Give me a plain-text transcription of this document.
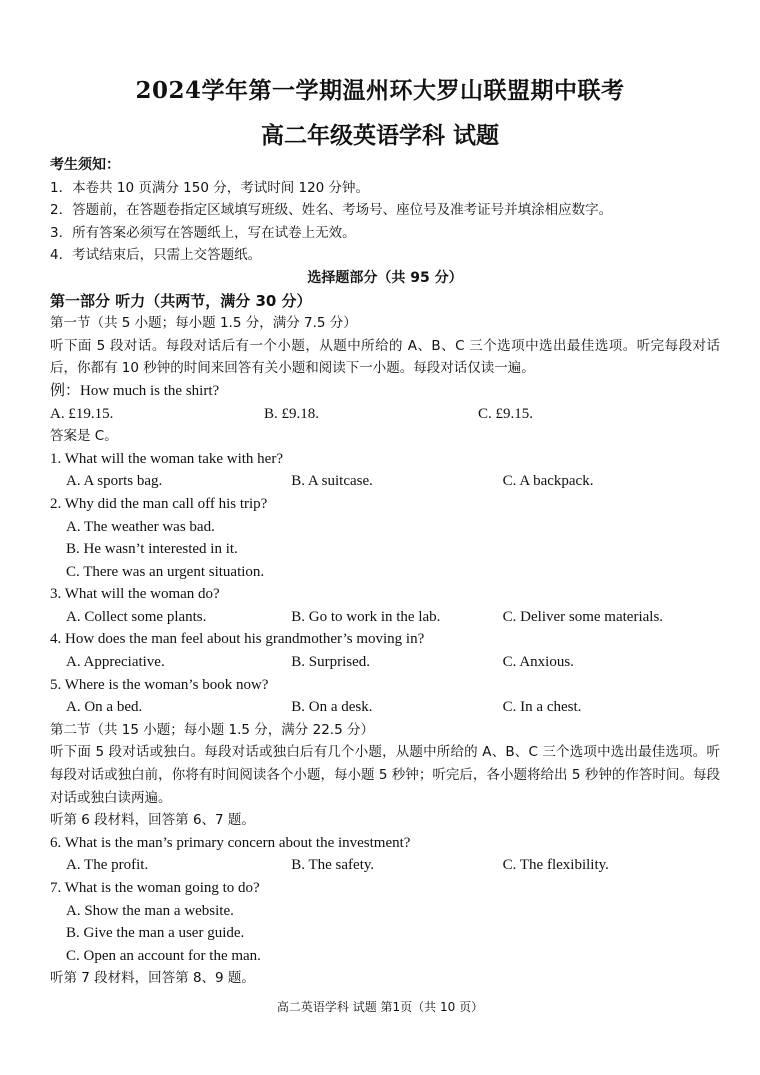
2024学年第一学期温州环大罗山联盟期中联考
高二年级英语学科 试题
考生须知：
1．本卷共 10 页满分 150 分，考试时间 120 分钟。
2．答题前，在答题卷指定区域填写班级、姓名、考场号、座位号及准考证号并填涂相应数字。
3．所有答案必须写在答题纸上，写在试卷上无效。
4．考试结束后，只需上交答题纸。
选择题部分（共 95 分）
第一部分 听力（共两节，满分 30 分）
第一节（共 5 小题；每小题 1.5 分，满分 7.5 分）
听下面 5 段对话。每段对话后有一个小题，从题中所给的 A、B、C 三个选项中选出最佳选项。听完每段对话后，你都有 10 秒钟的时间来回答有关小题和阅读下一小题。每段对话仅读一遍。
例：How much is the shirt?
A. £19.15.	B. £9.18.	C. £9.15.
答案是 C。
1. What will the woman take with her?
A. A sports bag.	B. A suitcase.	C. A backpack.
2. Why did the man call off his trip?
A. The weather was bad.
B. He wasn’t interested in it.
C. There was an urgent situation.
3. What will the woman do?
A. Collect some plants.	B. Go to work in the lab.	C. Deliver some materials.
4. How does the man feel about his grandmother’s moving in?
A. Appreciative.	B. Surprised.	C. Anxious.
5. Where is the woman’s book now?
A. On a bed.	B. On a desk.	C. In a chest.
第二节（共 15 小题；每小题 1.5 分，满分 22.5 分）
听下面 5 段对话或独白。每段对话或独白后有几个小题，从题中所给的 A、B、C 三个选项中选出最佳选项。听每段对话或独白前，你将有时间阅读各个小题，每小题 5 秒钟；听完后，各小题将给出 5 秒钟的作答时间。每段对话或独白读两遍。
听第 6 段材料，回答第 6、7 题。
6. What is the man’s primary concern about the investment?
A. The profit.	B. The safety.	C. The flexibility.
7. What is the woman going to do?
A. Show the man a website.
B. Give the man a user guide.
C. Open an account for the man.
听第 7 段材料，回答第 8、9 题。
高二英语学科 试题 第1页（共 10 页）
